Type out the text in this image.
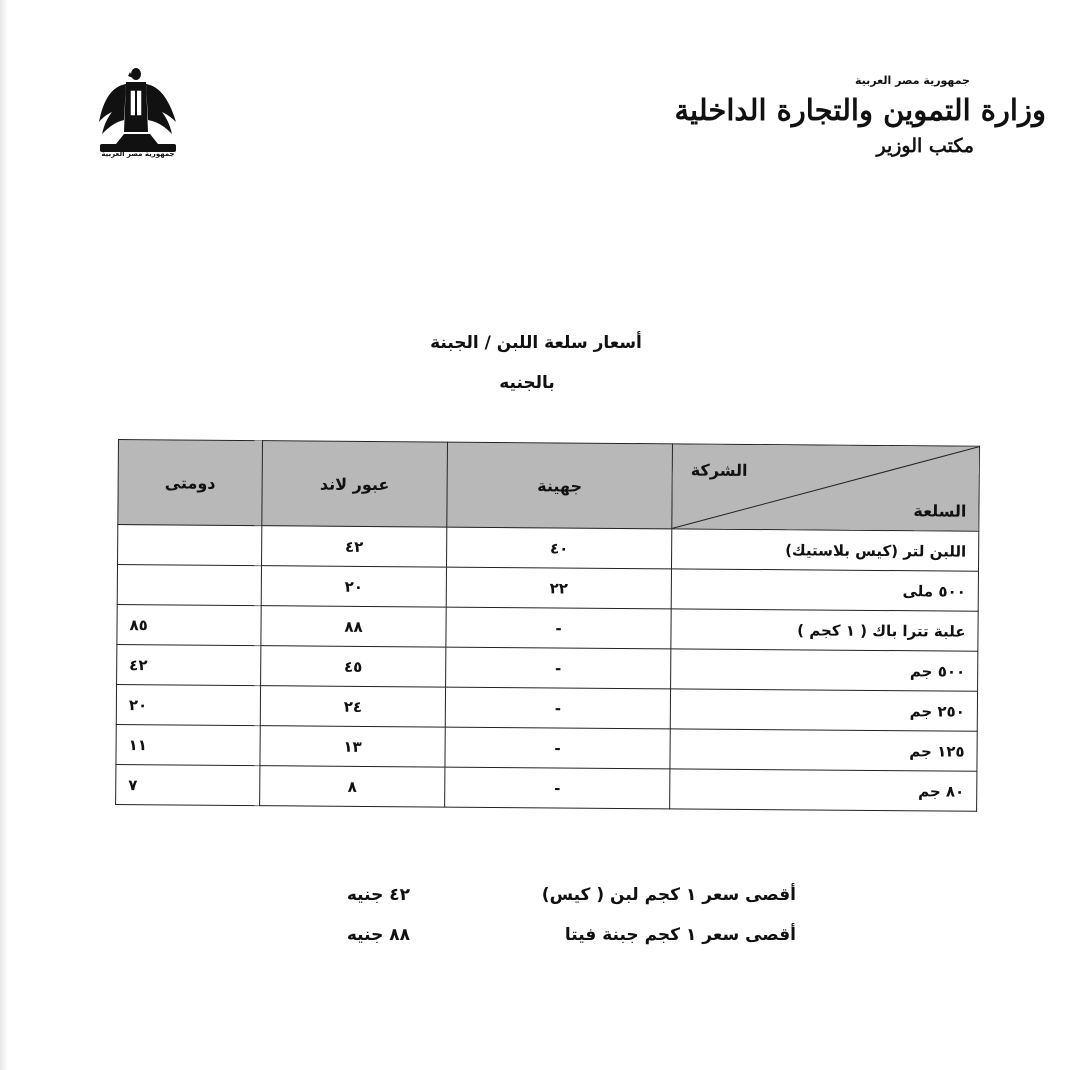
جمهورية مصر العربية
جمهورية مصر العربية
وزارة التموين والتجارة الداخلية
مكتب الوزير
أسعار سلعة اللبن / الجبنة
بالجنيه
الشركة
السلعة	جهينة	عبور لاند	دومتى
اللبن لتر (كيس بلاستيك)	٤٠	٤٢	
٥٠٠ ملى	٢٢	٢٠	
علبة تترا باك ( ١ كجم )	-	٨٨	٨٥
٥٠٠ جم	-	٤٥	٤٢
٢٥٠ جم	-	٢٤	٢٠
١٢٥ جم	-	١٣	١١
٨٠ جم	-	٨	٧
أقصى سعر ١ كجم لبن ( كيس)
٤٢ جنيه
أقصى سعر ١ كجم جبنة فيتا
٨٨ جنيه
